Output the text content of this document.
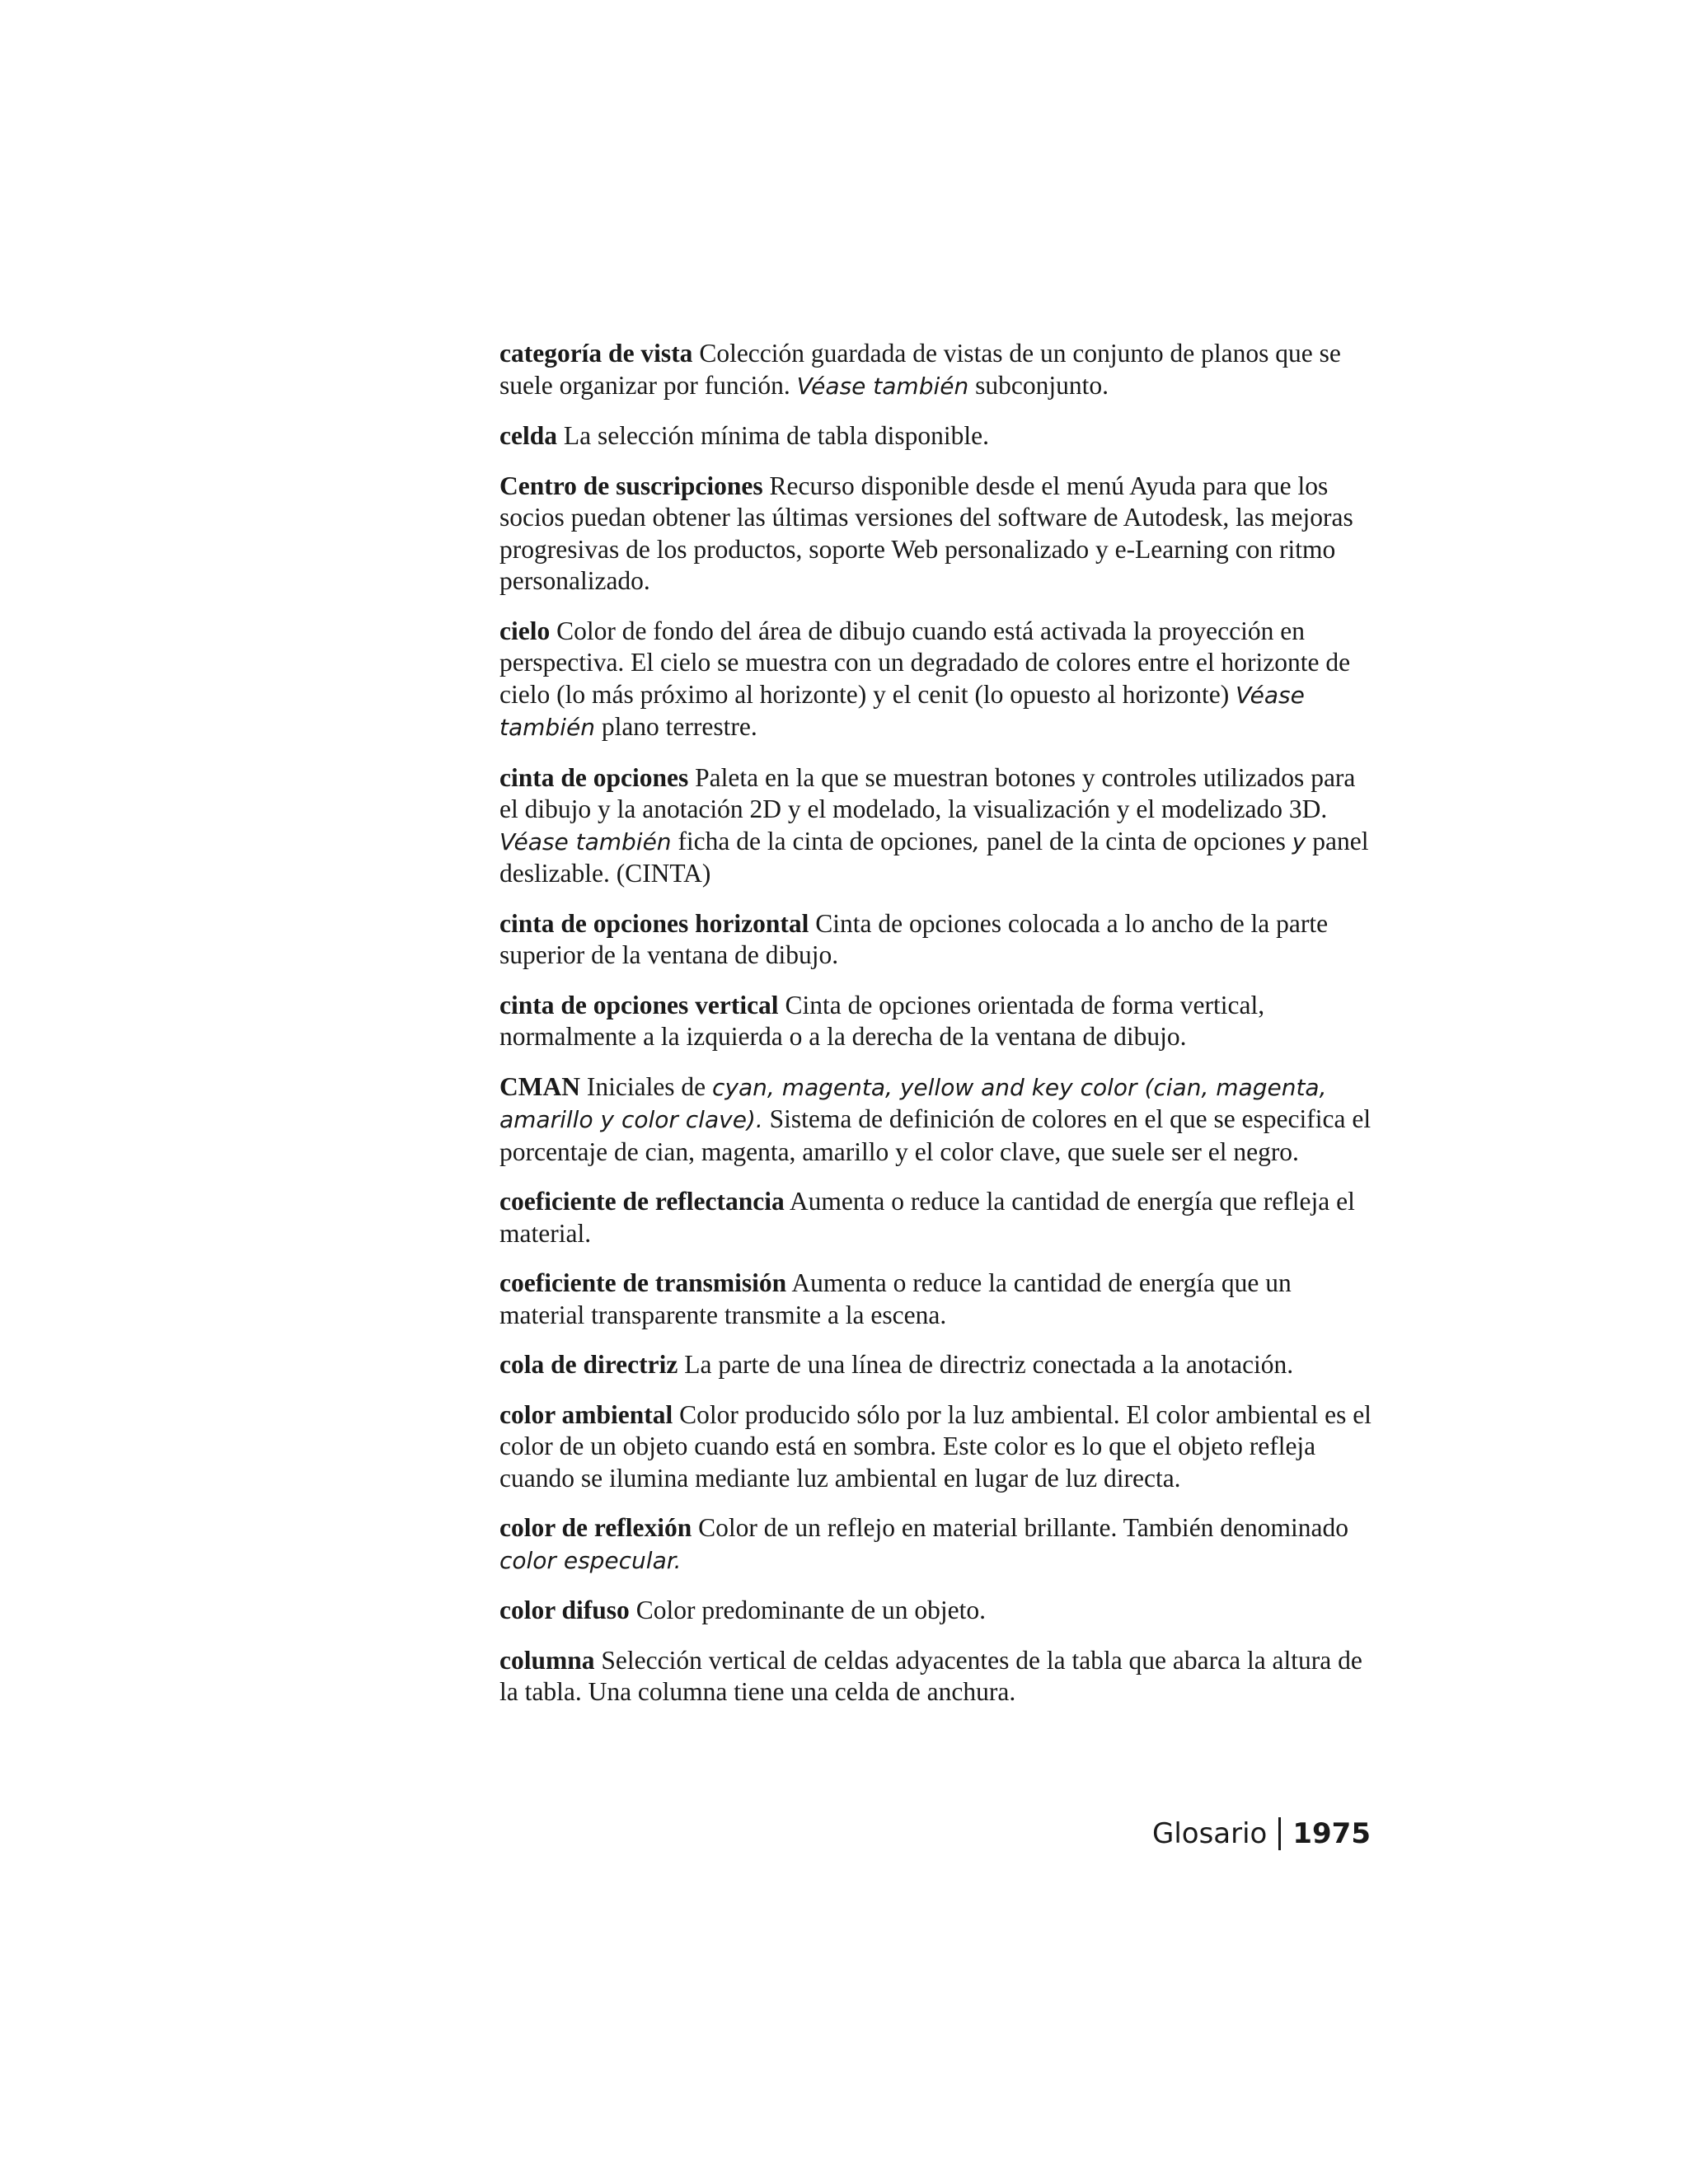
categoría de vista Colección guardada de vistas de un conjunto de planos que se suele organizar por función. Véase también subconjunto.

celda La selección mínima de tabla disponible.

Centro de suscripciones Recurso disponible desde el menú Ayuda para que los socios puedan obtener las últimas versiones del software de Autodesk, las mejoras progresivas de los productos, soporte Web personalizado y e-Learning con ritmo personalizado.

cielo Color de fondo del área de dibujo cuando está activada la proyección en perspectiva. El cielo se muestra con un degradado de colores entre el horizonte de cielo (lo más próximo al horizonte) y el cenit (lo opuesto al horizonte) Véase también plano terrestre.

cinta de opciones Paleta en la que se muestran botones y controles utilizados para el dibujo y la anotación 2D y el modelado, la visualización y el modelizado 3D. Véase también ficha de la cinta de opciones, panel de la cinta de opciones y panel deslizable. (CINTA)

cinta de opciones horizontal Cinta de opciones colocada a lo ancho de la parte superior de la ventana de dibujo.

cinta de opciones vertical Cinta de opciones orientada de forma vertical, normalmente a la izquierda o a la derecha de la ventana de dibujo.

CMAN Iniciales de cyan, magenta, yellow and key color (cian, magenta, amarillo y color clave). Sistema de definición de colores en el que se especifica el porcentaje de cian, magenta, amarillo y el color clave, que suele ser el negro.

coeficiente de reflectancia Aumenta o reduce la cantidad de energía que refleja el material.

coeficiente de transmisión Aumenta o reduce la cantidad de energía que un material transparente transmite a la escena.

cola de directriz La parte de una línea de directriz conectada a la anotación.

color ambiental Color producido sólo por la luz ambiental. El color ambiental es el color de un objeto cuando está en sombra. Este color es lo que el objeto refleja cuando se ilumina mediante luz ambiental en lugar de luz directa.

color de reflexión Color de un reflejo en material brillante. También denominado color especular.

color difuso Color predominante de un objeto.

columna Selección vertical de celdas adyacentes de la tabla que abarca la altura de la tabla. Una columna tiene una celda de anchura.

Glosario 1975
